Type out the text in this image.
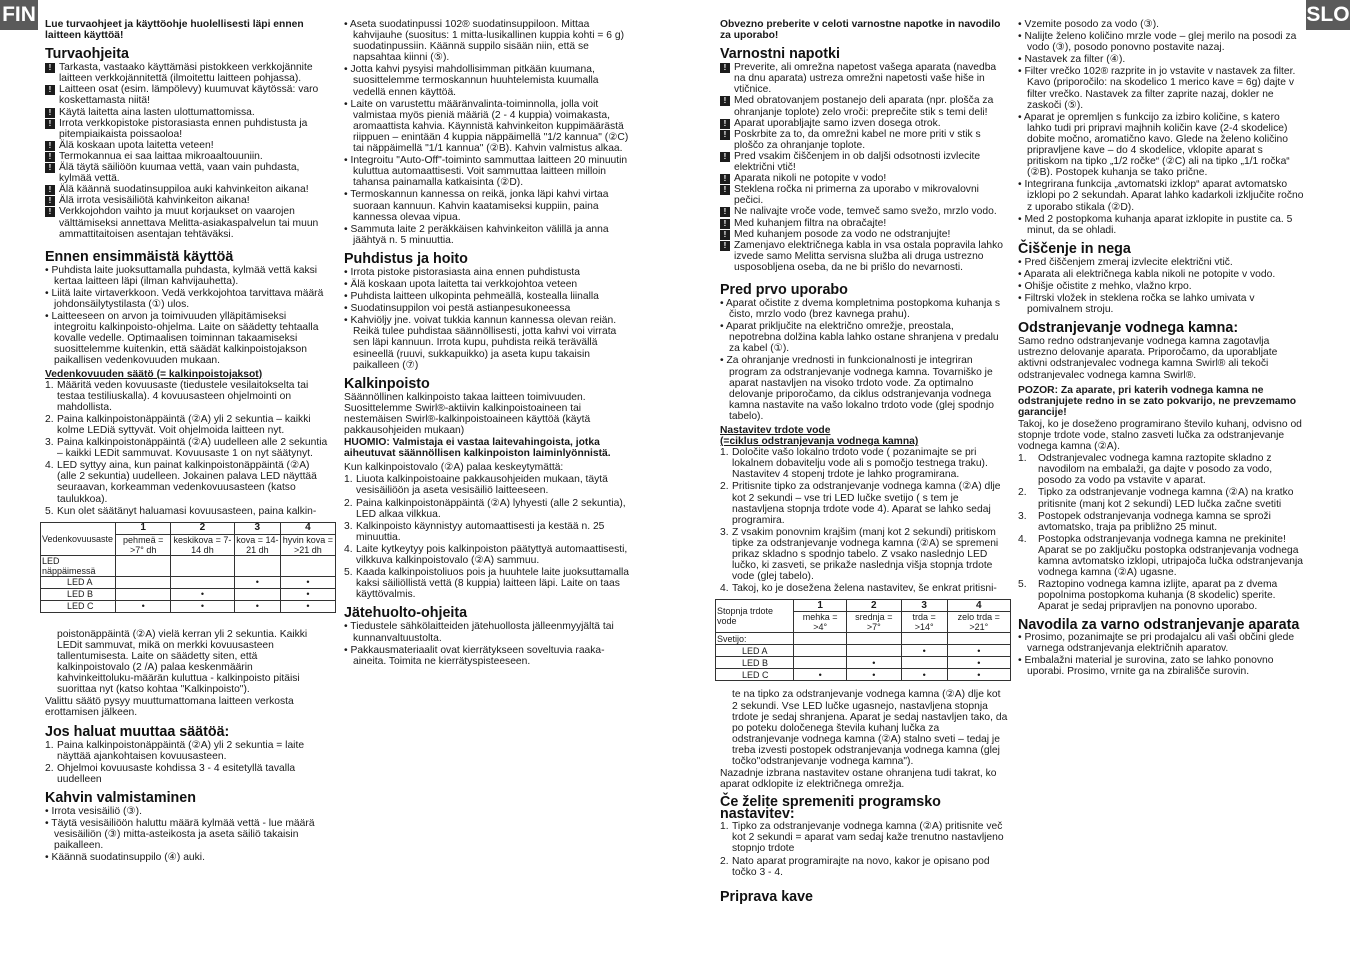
FIN	SLO
Lue turvaohjeet ja käyttöohje huolellisesti läpi ennen laitteen käyttöä!
Turvaohjeita
! Tarkasta, vastaako käyttämäsi pistokkeen verkkojännite laitteen verkkojännitettä (ilmoitettu laitteen pohjassa).
! Laitteen osat (esim. lämpölevy) kuumuvat käytössä: varo koskettamasta niitä!
! Käytä laitetta aina lasten ulottumattomissa.
! Irrota verkkopistoke pistorasiasta ennen puhdistusta ja pitempiaikaista poissaoloa!
! Älä koskaan upota laitetta veteen!
! Termokannua ei saa laittaa mikroaaltouuniin.
! Älä täytä säiliöön kuumaa vettä, vaan vain puhdasta, kylmää vettä.
! Älä käännä suodatinsuppiloa auki kahvinkeiton aikana!
! Älä irrota vesisäiliötä kahvinkeiton aikana!
! Verkkojohdon vaihto ja muut korjaukset on vaarojen välttämiseksi annettava Melitta-asiakaspalvelun tai muun ammattitaitoisen asentajan tehtäväksi.
Ennen ensimmäistä käyttöä
• Puhdista laite juoksuttamalla puhdasta, kylmää vettä kaksi kertaa laitteen läpi (ilman kahvijauhetta).
• Liitä laite virtaverkkoon. Vedä verkkojohtoa tarvittava määrä johdonsäilytystilasta (①) ulos.
• Laitteeseen on arvon ja toimivuuden ylläpitämiseksi integroitu kalkinpoisto-ohjelma. Laite on säädetty tehtaalla kovalle vedelle. Optimaalisen toiminnan takaamiseksi suosittelemme kuitenkin, että säädät kalkinpoistojakson paikallisen vedenkovuuden mukaan.
Vedenkovuuden säätö (= kalkinpoistojaksot)
1. Määritä veden kovuusaste (tiedustele vesilaitokselta tai testaa testiliuskalla). 4 kovuusasteen ohjelmointi on mahdollista.
2. Paina kalkinpoistonäppäintä (②A) yli 2 sekuntia – kaikki kolme LEDiä syttyvät. Voit ohjelmoida laitteen nyt.
3. Paina kalkinpoistonäppäintä (②A) uudelleen alle 2 sekuntia – kaikki LEDit sammuvat. Kovuusaste 1 on nyt säätynyt.
4. LED syttyy aina, kun painat kalkinpoistonäppäintä (②A) (alle 2 sekuntia) uudelleen. Jokainen palava LED näyttää seuraavan, korkeamman vedenkovuusasteen (katso taulukkoa).
5. Kun olet säätänyt haluamasi kovuusasteen, paina kalkin-
Vedenkovuusaste	1	2	3	4
	pehmeä = >7° dh	keskikova = 7-14 dh	kova = 14-21 dh	hyvin kova = >21 dh
LED näppäimessä				
LED A			•	•
LED B		•		•
LED C	•	•	•	•

poistonäppäintä (②A) vielä kerran yli 2 sekuntia. Kaikki LEDit sammuvat, mikä on merkki kovuusasteen tallentumisesta. Laite on säädetty siten, että kalkinpoistovalo (2 /A) palaa keskenmäärin kahvinkeittoluku-määrän kuluttua - kalkinpoisto pitäisi suorittaa nyt (katso kohtaa "Kalkinpoisto").

Valittu säätö pysyy muuttumattomana laitteen verkosta erottamisen jälkeen.

Jos haluat muuttaa säätöä:
1. Paina kalkinpoistonäppäintä (②A) yli 2 sekuntia = laite näyttää ajankohtaisen kovuusasteen.
2. Ohjelmoi kovuusaste kohdissa 3 - 4 esitetyllä tavalla uudelleen
Kahvin valmistaminen
• Irrota vesisäiliö (③).
• Täytä vesisäiliöön haluttu määrä kylmää vettä - lue määrä vesisäiliön (③) mitta-asteikosta ja aseta säiliö takaisin paikalleen.
• Käännä suodatinsuppilo (④) auki.
• Aseta suodatinpussi 102® suodatinsuppiloon. Mittaa kahvijauhe (suositus: 1 mitta-lusikallinen kuppia kohti = 6 g) suodatinpussiin. Käännä suppilo sisään niin, että se napsahtaa kiinni (⑤).
• Jotta kahvi pysyisi mahdollisimman pitkään kuumana, suosittelemme termoskannun huuhtelemista kuumalla vedellä ennen käyttöä.
• Laite on varustettu määränvalinta-toiminnolla, jolla voit valmistaa myös pieniä määriä (2 - 4 kuppia) voimakasta, aromaattista kahvia. Käynnistä kahvinkeiton kuppimäärästä riippuen – enintään 4 kuppia näppäimellä "1/2 kannua" (②C) tai näppäimellä "1/1 kannua" (②B). Kahvin valmistus alkaa.
• Integroitu "Auto-Off"-toiminto sammuttaa laitteen 20 minuutin kuluttua automaattisesti. Voit sammuttaa laitteen milloin tahansa painamalla katkaisinta (②D).
• Termoskannun kannessa on reikä, jonka läpi kahvi virtaa suoraan kannuun. Kahvin kaatamiseksi kuppiin, paina kannessa olevaa vipua.
• Sammuta laite 2 peräkkäisen kahvinkeiton välillä ja anna jäähtyä n. 5 minuuttia.
Puhdistus ja hoito
• Irrota pistoke pistorasiasta aina ennen puhdistusta
• Älä koskaan upota laitetta tai verkkojohtoa veteen
• Puhdista laitteen ulkopinta pehmeällä, kostealla liinalla
• Suodatinsuppilon voi pestä astianpesukoneessa
• Kahviöljy jne. voivat tukkia kannun kannessa olevan reiän. Reikä tulee puhdistaa säännöllisesti, jotta kahvi voi virrata sen läpi kannuun. Irrota kupu, puhdista reikä terävällä esineellä (ruuvi, sukkapuikko) ja aseta kupu takaisin paikalleen (⑦)
Kalkinpoisto

Säännöllinen kalkinpoisto takaa laitteen toimivuuden. Suosittelemme Swirl®-aktiivin kalkinpoistoaineen tai nestemäisen Swirl®-kalkinpoistoaineen käyttöä (käytä pakkausohjeiden mukaan)

HUOMIO: Valmistaja ei vastaa laitevahingoista, jotka aiheutuvat säännöllisen kalkinpoiston laiminlyönnistä.

Kun kalkinpoistovalo (②A) palaa keskeytymättä:

1. Liuota kalkinpoistoaine pakkausohjeiden mukaan, täytä vesisäiliöön ja aseta vesisäiliö laitteeseen.
2. Paina kalkinpoistonäppäintä (②A) lyhyesti (alle 2 sekuntia), LED alkaa vilkkua.
3. Kalkinpoisto käynnistyy automaattisesti ja kestää n. 25 minuuttia.
4. Laite kytkeytyy pois kalkinpoiston päätyttyä automaattisesti, vilkkuva kalkinpoistovalo (②A) sammuu.
5. Kaada kalkinpoistoliuos pois ja huuhtele laite juoksuttamalla kaksi säiliöllistä vettä (8 kuppia) laitteen läpi. Laite on taas käyttövalmis.
Jätehuolto-ohjeita
• Tiedustele sähkölaitteiden jätehuollosta jälleenmyyjältä tai kunnanvaltuustolta.
• Pakkausmateriaalit ovat kierrätykseen soveltuvia raaka-aineita. Toimita ne kierrätyspisteeseen.
Obvezno preberite v celoti varnostne napotke in navodilo za uporabo!
Varnostni napotki
! Preverite, ali omrežna napetost vašega aparata (navedba na dnu aparata) ustreza omrežni napetosti vaše hiše in vtičnice.
! Med obratovanjem postanejo deli aparata (npr. plošča za ohranjanje toplote) zelo vroči: preprečite stik s temi deli!
! Aparat uporabljajte samo izven dosega otrok.
! Poskrbite za to, da omrežni kabel ne more priti v stik s ploščo za ohranjanje toplote.
! Pred vsakim čiščenjem in ob daljši odsotnosti izvlecite električni vtič!
! Aparata nikoli ne potopite v vodo!
! Steklena ročka ni primerna za uporabo v mikrovalovni pečici.
! Ne nalivajte vroče vode, temveč samo svežo, mrzlo vodo.
! Med kuhanjem filtra na obračajte!
! Med kuhanjem posode za vodo ne odstranjujte!
! Zamenjavo električnega kabla in vsa ostala popravila lahko izvede samo Melitta servisna služba ali druga ustrezno usposobljena oseba, da ne bi prišlo do nevarnosti.
Pred prvo uporabo
• Aparat očistite z dvema kompletnima postopkoma kuhanja s čisto, mrzlo vodo (brez kavnega prahu).
• Aparat priključite na električno omrežje, preostala, nepotrebna dolžina kabla lahko ostane shranjena v predalu za kabel (①).
• Za ohranjanje vrednosti in funkcionalnosti je integriran program za odstranjevanje vodnega kamna. Tovarniško je aparat nastavljen na visoko trdoto vode. Za optimalno delovanje priporočamo, da ciklus odstranjevanja vodnega kamna nastavite na vašo lokalno trdoto vode (glej spodnjo tabelo).
Nastavitev trdote vode
(=ciklus odstranjevanja vodnega kamna)
1. Določite vašo lokalno trdoto vode ( pozanimajte se pri lokalnem dobavitelju vode ali s pomočjo testnega traku). Nastavitev 4 stopenj trdote je lahko programirana.
2. Pritisnite tipko za odstranjevanje vodnega kamna (②A) dlje kot 2 sekundi – vse tri LED lučke svetijo ( s tem je nastavljena stopnja trdote vode 4). Aparat se lahko sedaj programira.
3. Z vsakim ponovnim krajšim (manj kot 2 sekundi) pritiskom tipke za odstranjevanje vodnega kamna (②A) se spremeni prikaz skladno s spodnjo tabelo. Z vsako naslednjo LED lučko, ki zasveti, se prikaže naslednja višja stopnja trdote vode (glej tabelo).
4. Takoj, ko je dosežena želena nastavitev, še enkrat pritisni-
Stopnja trdote vode	1	2	3	4
	mehka = >4°	srednja = >7°	trda = >14°	zelo trda = >21°
Svetijo:				
LED A			•	•
LED B		•		•
LED C	•	•	•	•

te na tipko za odstranjevanje vodnega kamna (②A) dlje kot 2 sekundi. Vse LED lučke ugasnejo, nastavljena stopnja trdote je sedaj shranjena. Aparat je sedaj nastavljen tako, da po poteku določenega števila kuhanj lučka za odstranjevanje vodnega kamna (②A) stalno sveti – tedaj je treba izvesti postopek odstranjevanja vodnega kamna (glej točko"odstranjevanje vodnega kamna").

Nazadnje izbrana nastavitev ostane ohranjena tudi takrat, ko aparat odklopite iz električnega omrežja.

Če želite spremeniti programsko nastavitev:
1. Tipko za odstranjevanje vodnega kamna (②A) pritisnite več kot 2 sekundi = aparat vam sedaj kaže trenutno nastavljeno stopnjo trdote
2. Nato aparat programirajte na novo, kakor je opisano pod točko 3 - 4.
Priprava kave
• Vzemite posodo za vodo (③).
• Nalijte želeno količino mrzle vode – glej merilo na posodi za vodo (③), posodo ponovno postavite nazaj.
• Nastavek za filter (④).
• Filter vrečko 102® razprite in jo vstavite v nastavek za filter. Kavo (priporočilo: na skodelico 1 merico kave = 6g) dajte v filter vrečko. Nastavek za filter zaprite nazaj, dokler ne zaskoči (⑤).
• Aparat je opremljen s funkcijo za izbiro količine, s katero lahko tudi pri pripravi majhnih količin kave (2-4 skodelice) dobite močno, aromatično kavo. Glede na želeno količino pripravljene kave – do 4 skodelice, vklopite aparat s pritiskom na tipko „1/2 ročke“ (②C) ali na tipko „1/1 ročka“ (②B). Postopek kuhanja se tako prične.
• Integrirana funkcija „avtomatski izklop“ aparat avtomatsko izklopi po 2 sekundah. Aparat lahko kadarkoli izključite ročno z uporabo stikala (②D).
• Med 2 postopkoma kuhanja aparat izklopite in pustite ca. 5 minut, da se ohladi.
Čiščenje in nega
• Pred čiščenjem zmeraj izvlecite električni vtič.
• Aparata ali električnega kabla nikoli ne potopite v vodo.
• Ohišje očistite z mehko, vlažno krpo.
• Filtrski vložek in steklena ročka se lahko umivata v pomivalnem stroju.
Odstranjevanje vodnega kamna:

Samo redno odstranjevanje vodnega kamna zagotavlja ustrezno delovanje aparata. Priporočamo, da uporabljate aktivni odstranjevalec vodnega kamna Swirl® ali tekoči odstranjevalec vodnega kamna Swirl®.

POZOR: Za aparate, pri katerih vodnega kamna ne odstranjujete redno in se zato pokvarijo, ne prevzemamo garancije!

Takoj, ko je doseženo programirano število kuhanj, odvisno od stopnje trdote vode, stalno zasveti lučka za odstranjevanje vodnega kamna (②A).

1. Odstranjevalec vodnega kamna raztopite skladno z navodilom na embalaži, ga dajte v posodo za vodo, posodo za vodo pa vstavite v aparat.
2. Tipko za odstranjevanje vodnega kamna (②A) na kratko pritisnite (manj kot 2 sekundi) LED lučka začne svetiti
3. Postopek odstranjevanja vodnega kamna se sproži avtomatsko, traja pa približno 25 minut.
4. Postopka odstranjevanja vodnega kamna ne prekinite! Aparat se po zaključku postopka odstranjevanja vodnega kamna avtomatsko izklopi, utripajoča lučka odstranjevanja vodnega kamna (②A) ugasne.
5. Raztopino vodnega kamna izlijte, aparat pa z dvema popolnima postopkoma kuhanja (8 skodelic) sperite. Aparat je sedaj pripravljen na ponovno uporabo.
Navodila za varno odstranjevanje aparata
• Prosimo, pozanimajte se pri prodajalcu ali vaši občini glede varnega odstranjevanja električnih aparatov.
• Embalažni material je surovina, zato se lahko ponovno uporabi. Prosimo, vrnite ga na zbirališče surovin.
